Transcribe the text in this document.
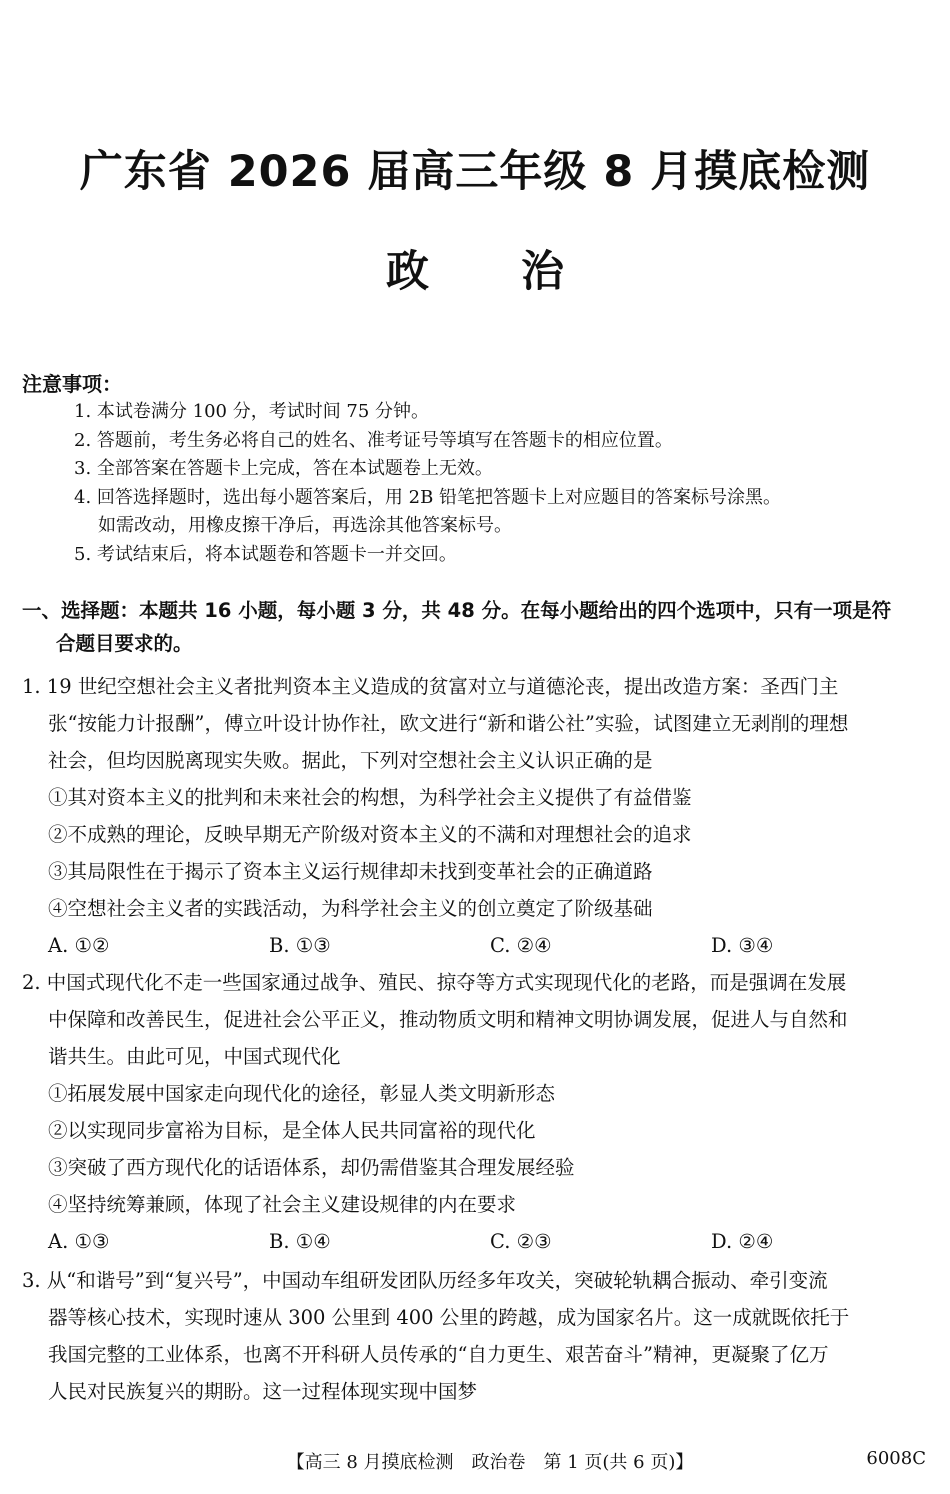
广东省 2026 届高三年级 8 月摸底检测
政治
注意事项：
1. 本试卷满分 100 分，考试时间 75 分钟。
2. 答题前，考生务必将自己的姓名、准考证号等填写在答题卡的相应位置。
3. 全部答案在答题卡上完成，答在本试题卷上无效。
4. 回答选择题时，选出每小题答案后，用 2B 铅笔把答题卡上对应题目的答案标号涂黑。
如需改动，用橡皮擦干净后，再选涂其他答案标号。
5. 考试结束后，将本试题卷和答题卡一并交回。
一、选择题：本题共 16 小题，每小题 3 分，共 48 分。在每小题给出的四个选项中，只有一项是符
合题目要求的。
1. 19 世纪空想社会主义者批判资本主义造成的贫富对立与道德沦丧，提出改造方案：圣西门主
张“按能力计报酬”，傅立叶设计协作社，欧文进行“新和谐公社”实验，试图建立无剥削的理想
社会，但均因脱离现实失败。据此，下列对空想社会主义认识正确的是
①其对资本主义的批判和未来社会的构想，为科学社会主义提供了有益借鉴
②不成熟的理论，反映早期无产阶级对资本主义的不满和对理想社会的追求
③其局限性在于揭示了资本主义运行规律却未找到变革社会的正确道路
④空想社会主义者的实践活动，为科学社会主义的创立奠定了阶级基础
A. ①②	B. ①③	C. ②④	D. ③④
2. 中国式现代化不走一些国家通过战争、殖民、掠夺等方式实现现代化的老路，而是强调在发展
中保障和改善民生，促进社会公平正义，推动物质文明和精神文明协调发展，促进人与自然和
谐共生。由此可见，中国式现代化
①拓展发展中国家走向现代化的途径，彰显人类文明新形态
②以实现同步富裕为目标，是全体人民共同富裕的现代化
③突破了西方现代化的话语体系，却仍需借鉴其合理发展经验
④坚持统筹兼顾，体现了社会主义建设规律的内在要求
A. ①③	B. ①④	C. ②③	D. ②④
3. 从“和谐号”到“复兴号”，中国动车组研发团队历经多年攻关，突破轮轨耦合振动、牵引变流
器等核心技术，实现时速从 300 公里到 400 公里的跨越，成为国家名片。这一成就既依托于
我国完整的工业体系，也离不开科研人员传承的“自力更生、艰苦奋斗”精神，更凝聚了亿万
人民对民族复兴的期盼。这一过程体现实现中国梦
【高三 8 月摸底检测　政治卷　第 1 页(共 6 页)】	6008C
